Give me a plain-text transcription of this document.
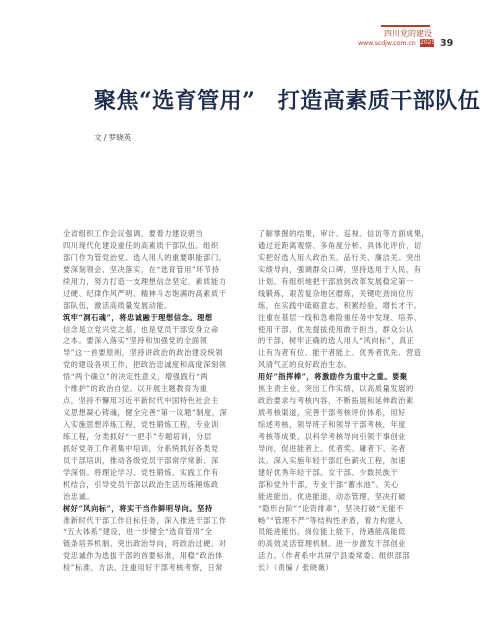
四川党的建设
www.scdjw.com.cn 2025 39
聚焦“选育管用”　打造高素质干部队伍
文 / 罗晓英
全省组织工作会议强调，要着力建设堪当
四川现代化建设重任的高素质干部队伍。组织
部门作为管党治党、选人用人的重要职能部门，
要深刻领会、坚决落实，在“选育管用”环节持
续用力，努力打造一支理想信念坚定、素质能力
过硬、纪律作风严明、精神斗志饱满的高素质干
部队伍，激活高质量发展动能。
筑牢“洞石魂”，将忠诚融于理想信念。理想
信念是立党兴党之基，也是党员干部安身立命
之本。要深入落实“坚持和加强党的全面领
导”这一首要原则，坚持讲政治的政治建设统领
党的建设各项工作，把政治忠诚度和高度深刻领
悟“两个确立”的决定性意义，增强践行“两
个维护”的政治自觉。以开展主题教育为重
点，坚持不懈用习近平新时代中国特色社会主
义思想凝心铸魂，健全完善“第一议题”制度，深
入实施思想淬炼工程，党性锻炼工程，专业训
练工程，分类抓好“一把手”专题培训，分层
抓好党务工作者集中培训，分系统抓好各类党
员干部培训，推动各级党员干部常学常新、深
学深悟。将理论学习、党性锻炼、实践工作有
机结合，引导党员干部以政治生活历练锤炼政
治忠诚。
树好“风向标”，将实干当作鲜明导向。坚持
准新时代干部工作目标任务，深入推进干部工作
“五大体系”建设，进一步健全“选育管用”全
链条培养机制。突出政治导向，将政治过硬、对
党忠诚作为选拔干部的首要标准，用稳“政治体
检”标准，方法，注重用好干部考核考察，日常
了解掌握的结果，审计、巡视、信访等方面成果，
通过近距离观察、多角度分析、具体化评价，切
实把好选人用人政治关、品行关、廉洁关。突出
实绩导向，强调群众口碑，坚持选用于人民，有
计划、有组织地把干部放到改革发展稳定第一
线锻炼，艰苦复杂地区磨炼，关键吃劲岗位历
练，在实践中砥砺意志，积累经验，增长才干。
注重在基层一线和急难险重任务中发现、培养、
使用干部，优先提拔使用敢于担当，群众公认
的干部，树牢正确的选人用人“风向标”，真正
让有为者有位、能干者能上、优秀者优先、营造
风清气正的良好政治生态。
用好“指挥棒”，将激励作为重中之重。要聚
焦主责主业，突出工作实绩，以高质量发展的
政治要求与考核内容，不断拓展和延伸政治素
质考核渠道，完善干部考核评价体系，用好
综述考核，领导班子和领导干部考核，年度
考核等成果，以科学考核导向引领干事创业
导向，促进能者上、优者奖、庸者下、劣者
汰。深入实施年轻干部红色薪火工程，加速
建好优秀年轻干部。女干部、少数民族干
部和党外干部，专业干部“蓄水池”。关心
能进能出，优进能退，动态管理，坚决打破
“隐形台阶”“论资排辈”，坚决打破“无能不
畅”“管理不严”等结构性矛盾，着力构建人
员能进能出，岗位能上能下，待遇能高能低
的高效灵活管理机制。进一步激发干部创业
活力。（作者系中共屏宁县委常委、组织部部
长）（责编 / 张晓薇）
